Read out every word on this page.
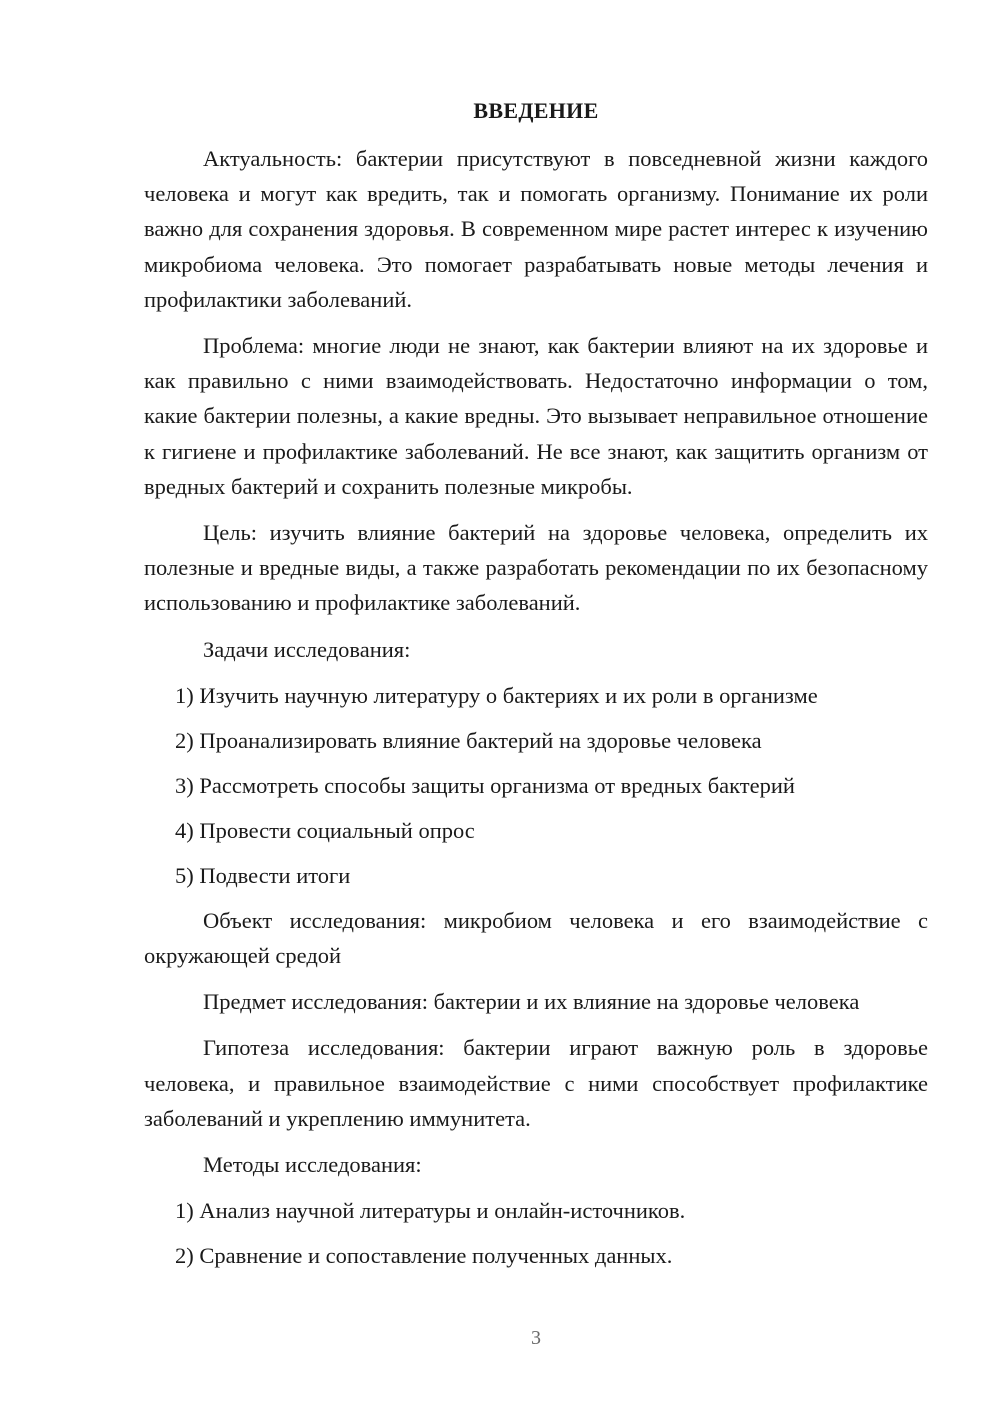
ВВЕДЕНИЕ

Актуальность: бактерии присутствуют в повседневной жизни каждого человека и могут как вредить, так и помогать организму. Понимание их роли важно для сохранения здоровья. В современном мире растет интерес к изучению микробиома человека. Это помогает разрабатывать новые методы лечения и профилактики заболеваний.

Проблема: многие люди не знают, как бактерии влияют на их здоровье и как правильно с ними взаимодействовать. Недостаточно информации о том, какие бактерии полезны, а какие вредны. Это вызывает неправильное отношение к гигиене и профилактике заболеваний. Не все знают, как защитить организм от вредных бактерий и сохранить полезные микробы.

Цель: изучить влияние бактерий на здоровье человека, определить их полезные и вредные виды, а также разработать рекомендации по их безопасному использованию и профилактике заболеваний.

Задачи исследования:

1) Изучить научную литературу о бактериях и их роли в организме
2) Проанализировать влияние бактерий на здоровье человека
3) Рассмотреть способы защиты организма от вредных бактерий
4) Провести социальный опрос
5) Подвести итоги

Объект исследования: микробиом человека и его взаимодействие с окружающей средой

Предмет исследования: бактерии и их влияние на здоровье человека

Гипотеза исследования: бактерии играют важную роль в здоровье человека, и правильное взаимодействие с ними способствует профилактике заболеваний и укреплению иммунитета.

Методы исследования:

1) Анализ научной литературы и онлайн-источников.
2) Сравнение и сопоставление полученных данных.
3
